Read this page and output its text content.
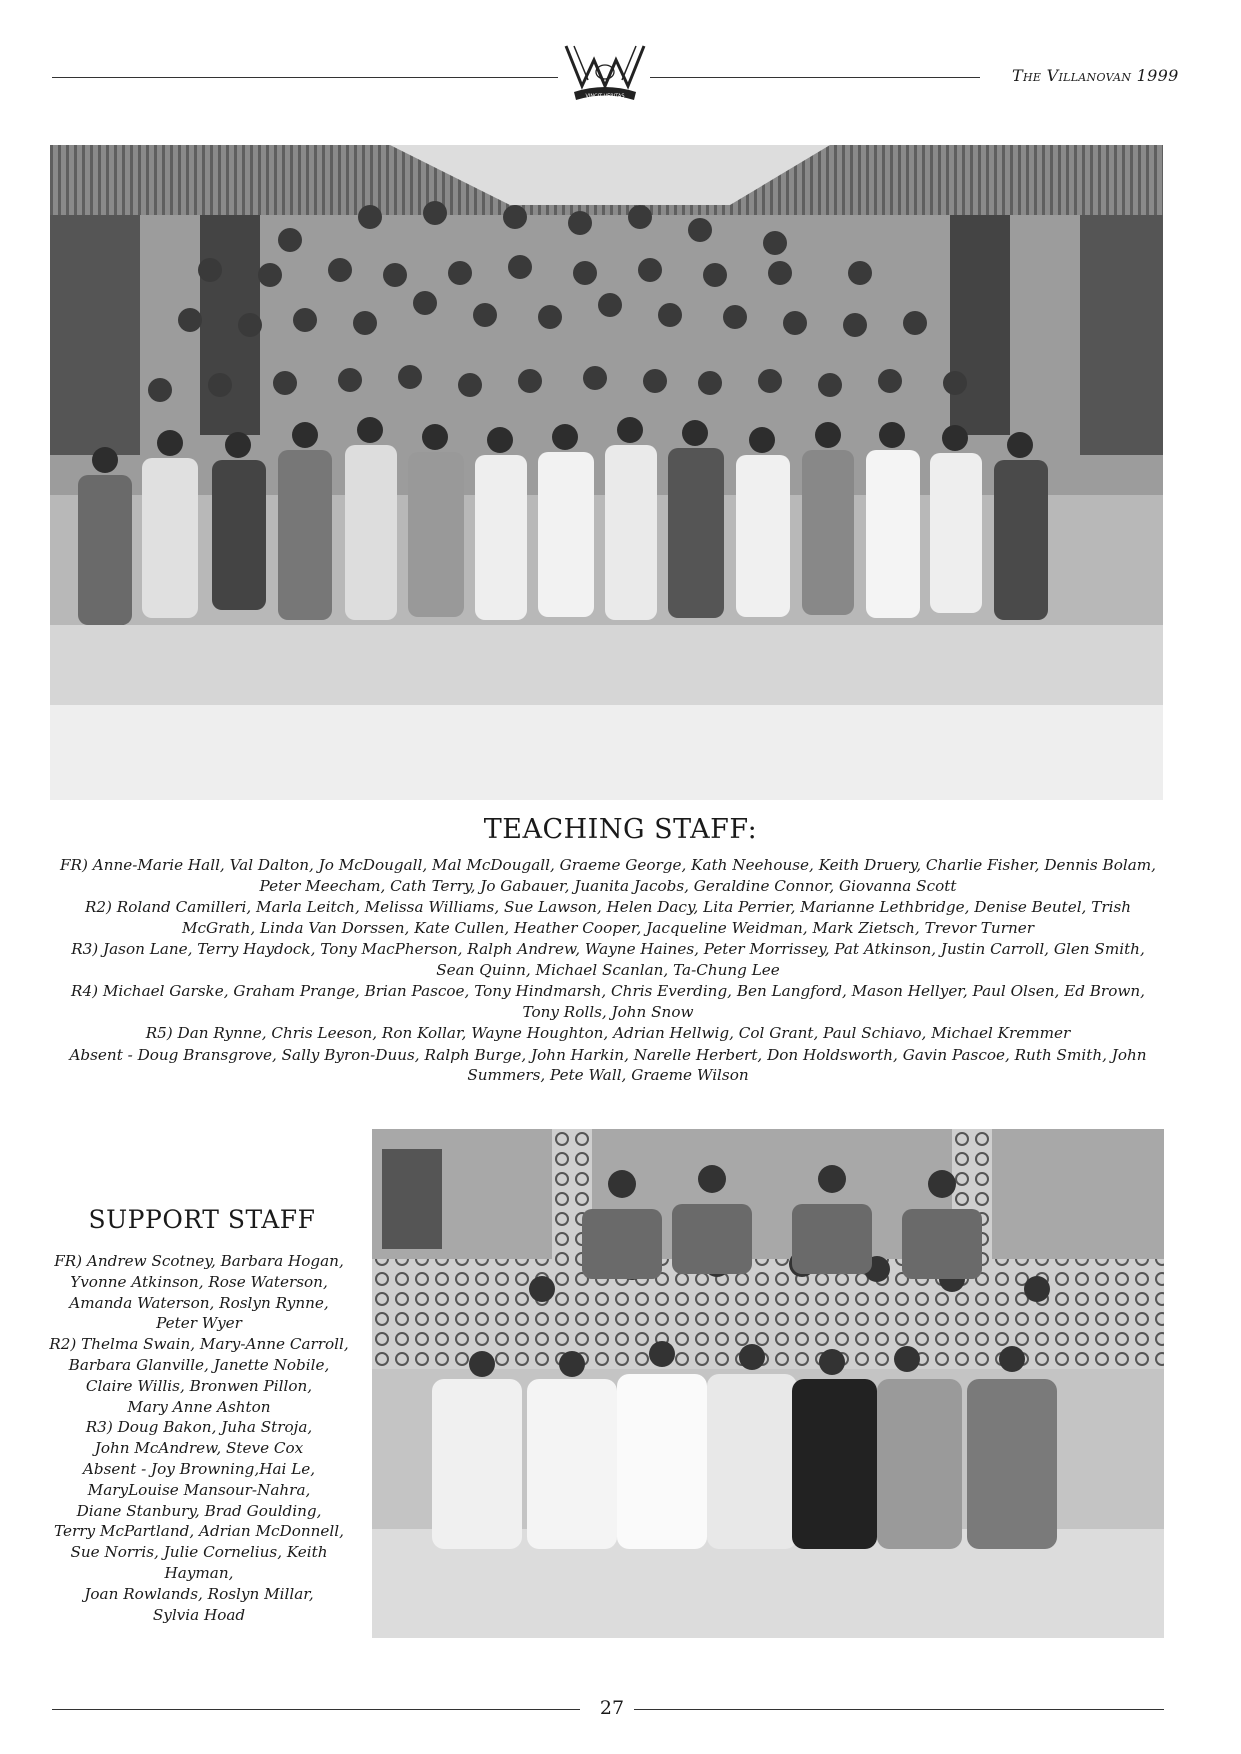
VINCIT VERITAS
The Villanovan 1999
TEACHING STAFF:

FR) Anne-Marie Hall, Val Dalton, Jo McDougall, Mal McDougall, Graeme George, Kath Neehouse, Keith Druery, Charlie Fisher, Dennis Bolam, Peter Meecham, Cath Terry, Jo Gabauer, Juanita Jacobs, Geraldine Connor, Giovanna Scott

R2) Roland Camilleri, Marla Leitch, Melissa Williams, Sue Lawson, Helen Dacy, Lita Perrier, Marianne Lethbridge, Denise Beutel, Trish McGrath, Linda Van Dorssen, Kate Cullen, Heather Cooper, Jacqueline Weidman, Mark Zietsch, Trevor Turner

R3) Jason Lane, Terry Haydock, Tony MacPherson, Ralph Andrew, Wayne Haines, Peter Morrissey, Pat Atkinson, Justin Carroll, Glen Smith, Sean Quinn, Michael Scanlan, Ta-Chung Lee

R4) Michael Garske, Graham Prange, Brian Pascoe, Tony Hindmarsh, Chris Everding, Ben Langford, Mason Hellyer, Paul Olsen, Ed Brown, Tony Rolls, John Snow

R5) Dan Rynne, Chris Leeson, Ron Kollar, Wayne Houghton, Adrian Hellwig, Col Grant, Paul Schiavo, Michael Kremmer

Absent - Doug Bransgrove, Sally Byron-Duus, Ralph Burge, John Harkin, Narelle Herbert, Don Holdsworth, Gavin Pascoe, Ruth Smith, John Summers, Pete Wall, Graeme Wilson

SUPPORT STAFF

FR) Andrew Scotney, Barbara Hogan,

Yvonne Atkinson, Rose Waterson,

Amanda Waterson, Roslyn Rynne,

Peter Wyer

R2) Thelma Swain, Mary-Anne Carroll,

Barbara Glanville, Janette Nobile,

Claire Willis, Bronwen Pillon,

Mary Anne Ashton

R3) Doug Bakon, Juha Stroja,

John McAndrew, Steve Cox

Absent - Joy Browning,Hai Le,

MaryLouise Mansour-Nahra,

Diane Stanbury, Brad Goulding,

Terry McPartland, Adrian McDonnell,

Sue Norris, Julie Cornelius, Keith Hayman,

Joan Rowlands, Roslyn Millar,

Sylvia Hoad

27
